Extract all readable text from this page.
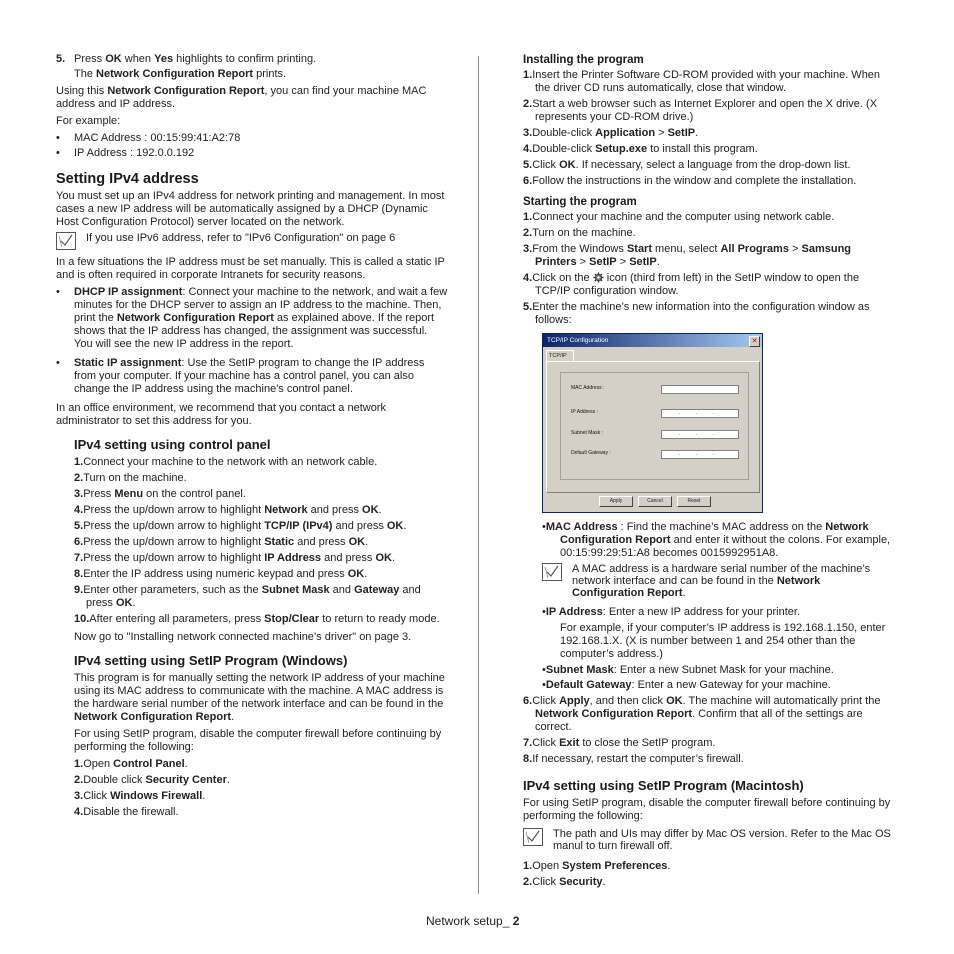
5. Press OK when Yes highlights to confirm printing.

The Network Configuration Report prints.

Using this Network Configuration Report, you can find your machine MAC address and IP address.

For example:

•	MAC Address : 00:15:99:41:A2:78
•	IP Address : 192.0.0.192
Setting IPv4 address

You must set up an IPv4 address for network printing and management. In most cases a new IP address will be automatically assigned by a DHCP (Dynamic Host Configuration Protocol) server located on the network.

If you use IPv6 address, refer to "IPv6 Configuration" on page 6

In a few situations the IP address must be set manually. This is called a static IP and is often required in corporate Intranets for security reasons.

•	DHCP IP assignment: Connect your machine to the network, and wait a few minutes for the DHCP server to assign an IP address to the machine. Then, print the Network Configuration Report as explained above. If the report shows that the IP address has changed, the assignment was successful. You will see the new IP address in the report.
•	Static IP assignment: Use the SetIP program to change the IP address from your computer. If your machine has a control panel, you can also change the IP address using the machine's control panel.

In an office environment, we recommend that you contact a network administrator to set this address for you.

IPv4 setting using control panel
1.Connect your machine to the network with an network cable.
2.Turn on the machine.
3.Press Menu on the control panel.
4.Press the up/down arrow to highlight Network and press OK.
5.Press the up/down arrow to highlight TCP/IP (IPv4) and press OK.
6.Press the up/down arrow to highlight Static and press OK.
7.Press the up/down arrow to highlight IP Address and press OK.
8.Enter the IP address using numeric keypad and press OK.
9.Enter other parameters, such as the Subnet Mask and Gateway and press OK.
10.After entering all parameters, press Stop/Clear to return to ready mode.

Now go to "Installing network connected machine’s driver" on page 3.

IPv4 setting using SetIP Program (Windows)

This program is for manually setting the network IP address of your machine using its MAC address to communicate with the machine. A MAC address is the hardware serial number of the network interface and can be found in the Network Configuration Report.

For using SetIP program, disable the computer firewall before continuing by performing the following:

1.Open Control Panel.
2.Double click Security Center.
3.Click Windows Firewall.
4.Disable the firewall.
Installing the program
1.Insert the Printer Software CD-ROM provided with your machine. When the driver CD runs automatically, close that window.
2.Start a web browser such as Internet Explorer and open the X drive. (X represents your CD-ROM drive.)
3.Double-click Application > SetIP.
4.Double-click Setup.exe to install this program.
5.Click OK. If necessary, select a language from the drop-down list.
6.Follow the instructions in the window and complete the installation.
Starting the program
1.Connect your machine and the computer using network cable.
2.Turn on the machine.
3.From the Windows Start menu, select All Programs > Samsung Printers > SetIP > SetIP.
4.Click on the  icon (third from left) in the SetIP window to open the TCP/IP configuration window.
5.Enter the machine’s new information into the configuration window as follows:
TCP/IP Configuration	✕
TCP/IP
MAC Address :
IP Address :	. . .
Subnet Mask :	. . .
Default Gateway :	. . .
Apply	Cancel	Reset
•MAC Address : Find the machine’s MAC address on the Network Configuration Report and enter it without the colons. For example, 00:15:99:29:51:A8 becomes 0015992951A8.
A MAC address is a hardware serial number of the machine’s network interface and can be found in the Network Configuration Report.
•IP Address: Enter a new IP address for your printer.

For example, if your computer’s IP address is 192.168.1.150, enter 192.168.1.X. (X is number between 1 and 254 other than the computer’s address.)

•Subnet Mask: Enter a new Subnet Mask for your machine.
•Default Gateway: Enter a new Gateway for your machine.
6.Click Apply, and then click OK. The machine will automatically print the Network Configuration Report. Confirm that all of the settings are correct.
7.Click Exit to close the SetIP program.
8.If necessary, restart the computer’s firewall.
IPv4 setting using SetIP Program (Macintosh)

For using SetIP program, disable the computer firewall before continuing by performing the following:

The path and UIs may differ by Mac OS version. Refer to the Mac OS manul to turn firewall off.
1.Open System Preferences.
2.Click Security.
Network setup_ 2
